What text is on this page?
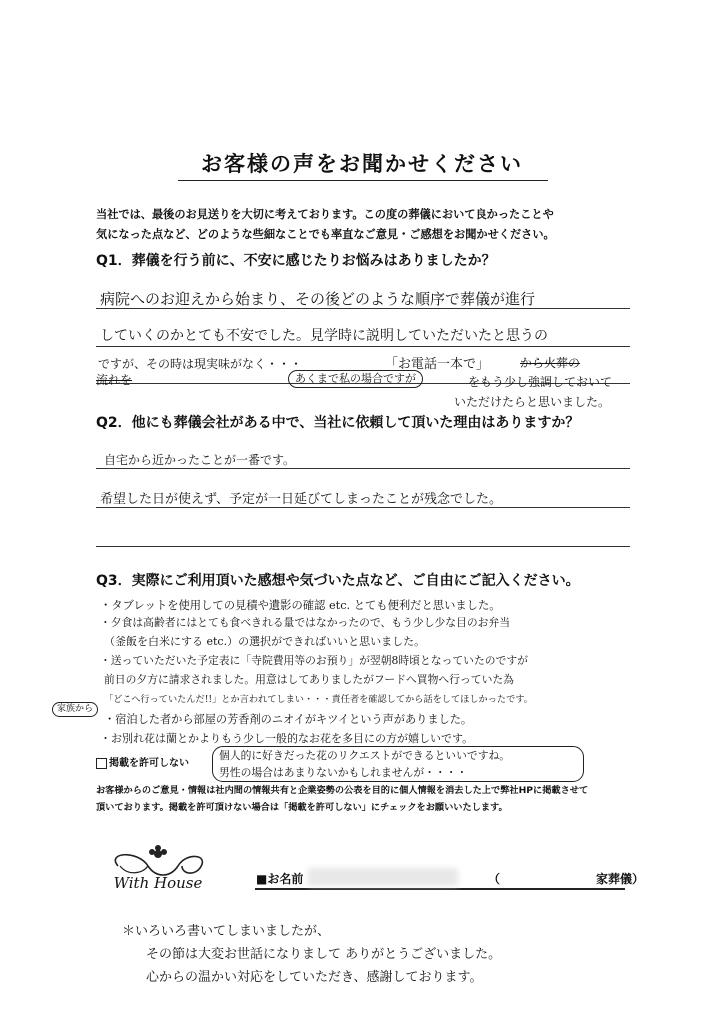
お客様の声をお聞かせください
当社では、最後のお見送りを大切に考えております。この度の葬儀において良かったことや
気になった点など、どのような些細なことでも率直なご意見・ご感想をお聞かせください。
Q1．葬儀を行う前に、不安に感じたりお悩みはありましたか？
病院へのお迎えから始まり、その後どのような順序で葬儀が進行
していくのかとても不安でした。見学時に説明していただいたと思うの
ですが、その時は現実味がなく・・・	「お電話一本で」	から火葬の
流れを	あくまで私の場合ですが	をもう少し強調しておいて
いただけたらと思いました。
Q2．他にも葬儀会社がある中で、当社に依頼して頂いた理由はありますか？
自宅から近かったことが一番です。
希望した日が使えず、予定が一日延びてしまったことが残念でした。
Q3．実際にご利用頂いた感想や気づいた点など、ご自由にご記入ください。
・タブレットを使用しての見積や遺影の確認 etc. とても便利だと思いました。
・夕食は高齢者にはとても食べきれる量ではなかったので、もう少し少な目のお弁当
（釜飯を白米にする etc.）の選択ができればいいと思いました。
・送っていただいた予定表に「寺院費用等のお預り」が翌朝8時頃となっていたのですが
前日の夕方に請求されました。用意はしてありましたがフードへ買物へ行っていた為
「どこへ行っていたんだ!!」とか言われてしまい・・・責任者を確認してから話をしてほしかったです。
家族から
・宿泊した者から部屋の芳香剤のニオイがキツイという声がありました。
・お別れ花は蘭とかよりもう少し一般的なお花を多目にの方が嬉しいです。
掲載を許可しない
個人的に好きだった花のリクエストができるといいですね。
男性の場合はあまりないかもしれませんが・・・・
お客様からのご意見・情報は社内間の情報共有と企業姿勢の公表を目的に個人情報を消去した上で弊社HPに掲載させて
頂いております。掲載を許可頂けない場合は「掲載を許可しない」にチェックをお願いいたします。
With House	■お名前	（　　　　　　　　家葬儀）
＊いろいろ書いてしまいましたが、
その節は大変お世話になりまして ありがとうございました。
心からの温かい対応をしていただき、感謝しております。
